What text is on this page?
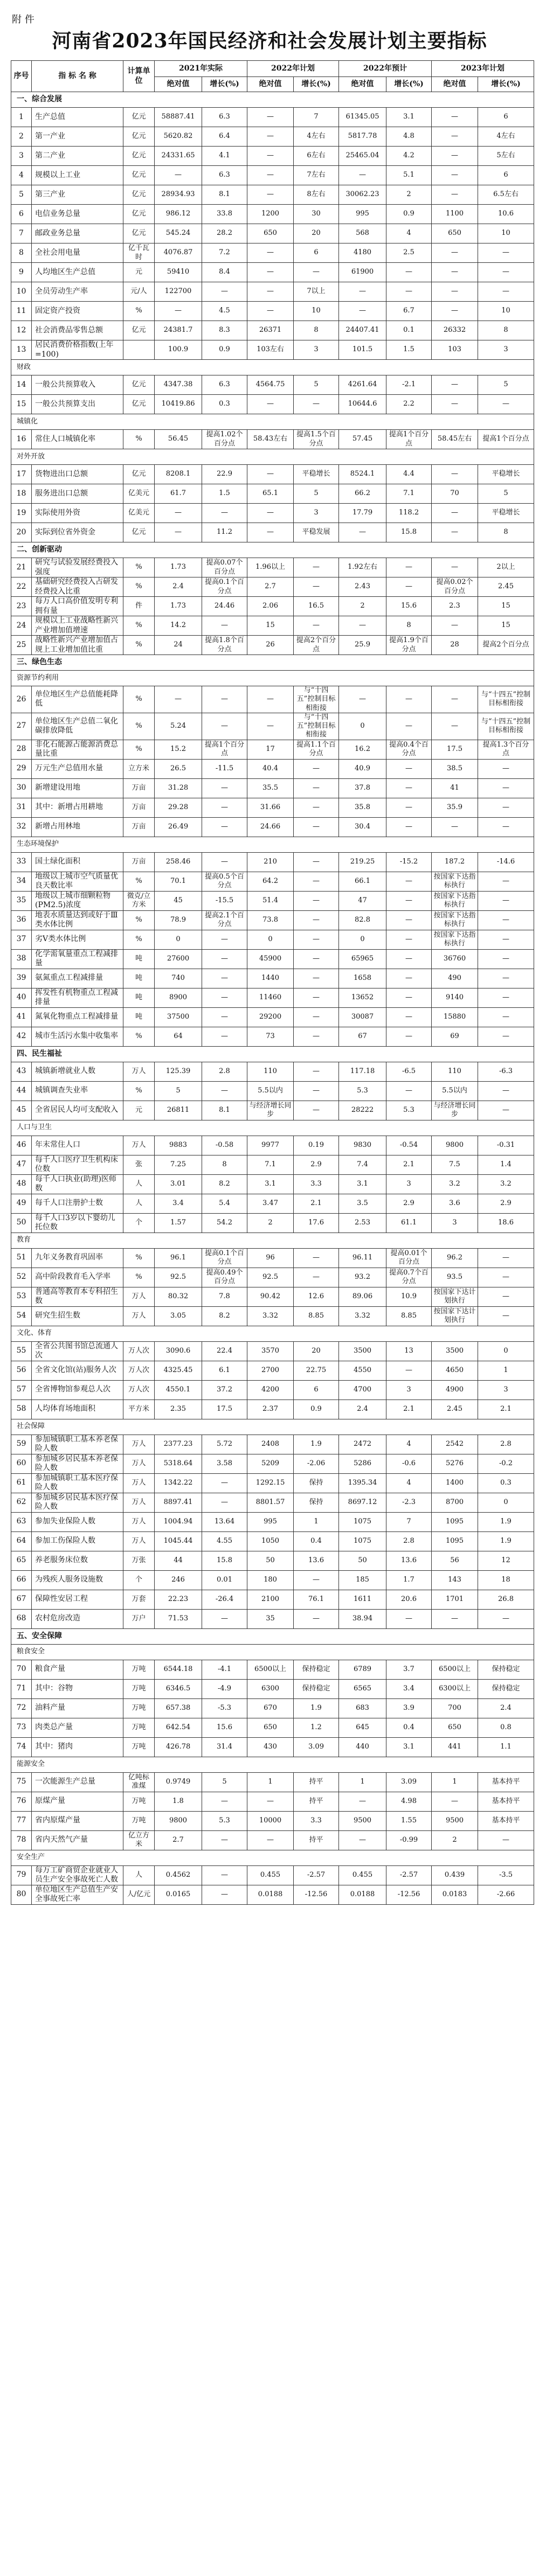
附 件
河南省2023年国民经济和社会发展计划主要指标
序号	指 标 名 称	计算单位	2021年实际		2022年计划		2022年预计		2023年计划	
			绝对值	增长(%)	绝对值	增长(%)	绝对值	增长(%)	绝对值	增长(%)
一、综合发展										
1	生产总值	亿元	58887.41	6.3	—	7	61345.05	3.1	—	6
2	第一产业	亿元	5620.82	6.4	—	4左右	5817.78	4.8	—	4左右
3	第二产业	亿元	24331.65	4.1	—	6左右	25465.04	4.2	—	5左右
4	规模以上工业	亿元	—	6.3	—	7左右	—	5.1	—	6
5	第三产业	亿元	28934.93	8.1	—	8左右	30062.23	2	—	6.5左右
6	电信业务总量	亿元	986.12	33.8	1200	30	995	0.9	1100	10.6
7	邮政业务总量	亿元	545.24	28.2	650	20	568	4	650	10
8	全社会用电量	亿千瓦时	4076.87	7.2	—	6	4180	2.5	—	—
9	人均地区生产总值	元	59410	8.4	—	—	61900	—	—	—
10	全员劳动生产率	元/人	122700	—	—	7以上	—	—	—	—
11	固定资产投资	%	—	4.5	—	10	—	6.7	—	10
12	社会消费品零售总额	亿元	24381.7	8.3	26371	8	24407.41	0.1	26332	8
13	居民消费价格指数(上年=100)		100.9	0.9	103左右	3	101.5	1.5	103	3
财政										
14	一般公共预算收入	亿元	4347.38	6.3	4564.75	5	4261.64	-2.1	—	5
15	一般公共预算支出	亿元	10419.86	0.3	—	—	10644.6	2.2	—	—
城镇化										
16	常住人口城镇化率	%	56.45	提高1.02个百分点	58.43左右	提高1.5个百分点	57.45	提高1个百分点	58.45左右	提高1个百分点
对外开放										
17	货物进出口总额	亿元	8208.1	22.9	—	平稳增长	8524.1	4.4	—	平稳增长
18	服务进出口总额	亿美元	61.7	1.5	65.1	5	66.2	7.1	70	5
19	实际使用外资	亿美元	—	—	—	3	17.79	118.2	—	平稳增长
20	实际到位省外资金	亿元	—	11.2	—	平稳发展	—	15.8	—	8
二、创新驱动										
21	研究与试验发展经费投入强度	%	1.73	提高0.07个百分点	1.96以上	—	1.92左右	—	—	2以上
22	基础研究经费投入占研发经费投入比重	%	2.4	提高0.1个百分点	2.7	—	2.43	—	提高0.02个百分点	2.45
23	每万人口高价值发明专利拥有量	件	1.73	24.46	2.06	16.5	2	15.6	2.3	15
24	规模以上工业战略性新兴产业增加值增速	%	14.2	—	15	—	—	8	—	15
25	战略性新兴产业增加值占规上工业增加值比重	%	24	提高1.8个百分点	26	提高2个百分点	25.9	提高1.9个百分点	28	提高2个百分点
三、绿色生态										
资源节约利用										
26	单位地区生产总值能耗降低	%	—	—	—	与“十四五”控制目标相衔接	—	—	—	与“十四五”控制目标相衔接
27	单位地区生产总值二氧化碳排放降低	%	5.24	—	—	与“十四五”控制目标相衔接	0	—	—	与“十四五”控制目标相衔接
28	非化石能源占能源消费总量比重	%	15.2	提高1个百分点	17	提高1.1个百分点	16.2	提高0.4个百分点	17.5	提高1.3个百分点
29	万元生产总值用水量	立方米	26.5	-11.5	40.4	—	40.9	—	38.5	—
30	新增建设用地	万亩	31.28	—	35.5	—	37.8	—	41	—
31	其中：新增占用耕地	万亩	29.28	—	31.66	—	35.8	—	35.9	—
32	新增占用林地	万亩	26.49	—	24.66	—	30.4	—	—	—
生态环境保护										
33	国土绿化面积	万亩	258.46	—	210	—	219.25	-15.2	187.2	-14.6
34	地级以上城市空气质量优良天数比率	%	70.1	提高0.5个百分点	64.2	—	66.1	—	按国家下达指标执行	—
35	地级以上城市细颗粒物(PM2.5)浓度	微克/立方米	45	-15.5	51.4	—	47	—	按国家下达指标执行	—
36	地表水质量达到或好于Ⅲ类水体比例	%	78.9	提高2.1个百分点	73.8	—	82.8	—	按国家下达指标执行	—
37	劣Ⅴ类水体比例	%	0	—	0	—	0	—	按国家下达指标执行	—
38	化学需氧量重点工程减排量	吨	27600	—	45900	—	65965	—	36760	—
39	氨氮重点工程减排量	吨	740	—	1440	—	1658	—	490	—
40	挥发性有机物重点工程减排量	吨	8900	—	11460	—	13652	—	9140	—
41	氮氧化物重点工程减排量	吨	37500	—	29200	—	30087	—	15880	—
42	城市生活污水集中收集率	%	64	—	73	—	67	—	69	—
四、民生福祉										
43	城镇新增就业人数	万人	125.39	2.8	110	—	117.18	-6.5	110	-6.3
44	城镇调查失业率	%	5	—	5.5以内	—	5.3	—	5.5以内	—
45	全省居民人均可支配收入	元	26811	8.1	与经济增长同步	—	28222	5.3	与经济增长同步	—
人口与卫生										
46	年末常住人口	万人	9883	-0.58	9977	0.19	9830	-0.54	9800	-0.31
47	每千人口医疗卫生机构床位数	张	7.25	8	7.1	2.9	7.4	2.1	7.5	1.4
48	每千人口执业(助理)医师数	人	3.01	8.2	3.1	3.3	3.1	3	3.2	3.2
49	每千人口注册护士数	人	3.4	5.4	3.47	2.1	3.5	2.9	3.6	2.9
50	每千人口3岁以下婴幼儿托位数	个	1.57	54.2	2	17.6	2.53	61.1	3	18.6
教育										
51	九年义务教育巩固率	%	96.1	提高0.1个百分点	96	—	96.11	提高0.01个百分点	96.2	—
52	高中阶段教育毛入学率	%	92.5	提高0.49个百分点	92.5	—	93.2	提高0.7个百分点	93.5	—
53	普通高等教育本专科招生数	万人	80.32	7.8	90.42	12.6	89.06	10.9	按国家下达计划执行	—
54	研究生招生数	万人	3.05	8.2	3.32	8.85	3.32	8.85	按国家下达计划执行	—
文化、体育										
55	全省公共图书馆总流通人次	万人次	3090.6	22.4	3570	20	3500	13	3500	0
56	全省文化馆(站)服务人次	万人次	4325.45	6.1	2700	22.75	4550	—	4650	1
57	全省博物馆参观总人次	万人次	4550.1	37.2	4200	6	4700	3	4900	3
58	人均体育场地面积	平方米	2.35	17.5	2.37	0.9	2.4	2.1	2.45	2.1
社会保障										
59	参加城镇职工基本养老保险人数	万人	2377.23	5.72	2408	1.9	2472	4	2542	2.8
60	参加城乡居民基本养老保险人数	万人	5318.64	3.58	5209	-2.06	5286	-0.6	5276	-0.2
61	参加城镇职工基本医疗保险人数	万人	1342.22	—	1292.15	保持	1395.34	4	1400	0.3
62	参加城乡居民基本医疗保险人数	万人	8897.41	—	8801.57	保持	8697.12	-2.3	8700	0
63	参加失业保险人数	万人	1004.94	13.64	995	1	1075	7	1095	1.9
64	参加工伤保险人数	万人	1045.44	4.55	1050	0.4	1075	2.8	1095	1.9
65	养老服务床位数	万张	44	15.8	50	13.6	50	13.6	56	12
66	为残疾人服务设施数	个	246	0.01	180	—	185	1.7	143	18
67	保障性安居工程	万套	22.23	-26.4	2100	76.1	1611	20.6	1701	26.8
68	农村危房改造	万户	71.53	—	35	—	38.94	—	—	—
五、安全保障										
粮食安全										
70	粮食产量	万吨	6544.18	-4.1	6500以上	保持稳定	6789	3.7	6500以上	保持稳定
71	其中：谷物	万吨	6346.5	-4.9	6300	保持稳定	6565	3.4	6300以上	保持稳定
72	油料产量	万吨	657.38	-5.3	670	1.9	683	3.9	700	2.4
73	肉类总产量	万吨	642.54	15.6	650	1.2	645	0.4	650	0.8
74	其中：猪肉	万吨	426.78	31.4	430	3.09	440	3.1	441	1.1
能源安全										
75	一次能源生产总量	亿吨标准煤	0.9749	5	1	持平	1	3.09	1	基本持平
76	原煤产量	万吨	1.8	—	—	持平	—	4.98	—	基本持平
77	省内原煤产量	万吨	9800	5.3	10000	3.3	9500	1.55	9500	基本持平
78	省内天然气产量	亿立方米	2.7	—	—	持平	—	-0.99	2	—
安全生产										
79	每万工矿商贸企业就业人员生产安全事故死亡人数	人	0.4562	—	0.455	-2.57	0.455	-2.57	0.439	-3.5
80	单位地区生产总值生产安全事故死亡率	人/亿元	0.0165	—	0.0188	-12.56	0.0188	-12.56	0.0183	-2.66
